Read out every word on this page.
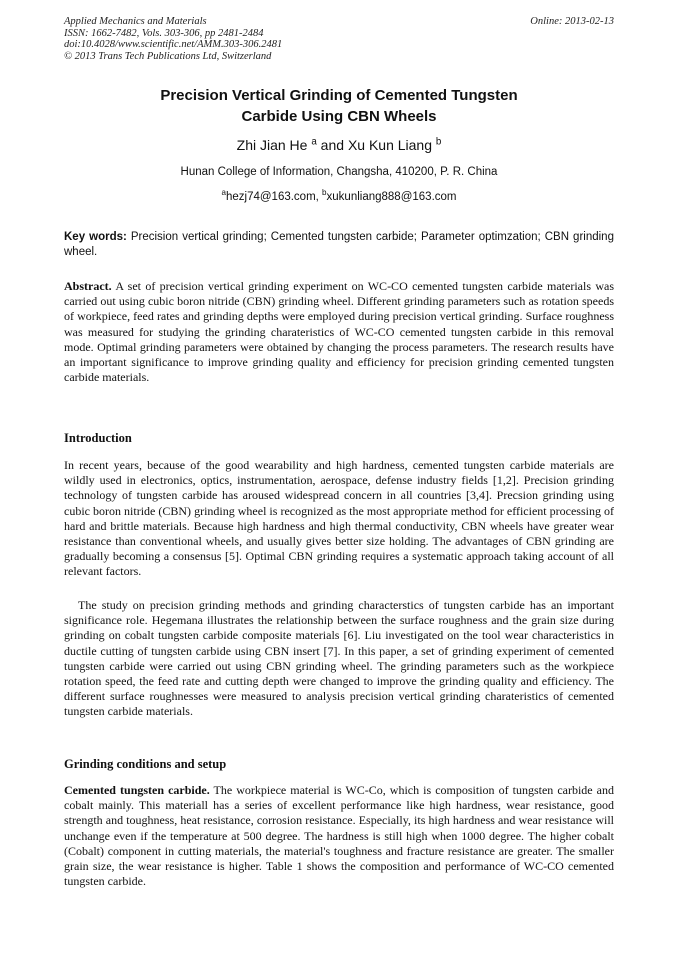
Applied Mechanics and Materials
ISSN: 1662-7482, Vols. 303-306, pp 2481-2484
doi:10.4028/www.scientific.net/AMM.303-306.2481
© 2013 Trans Tech Publications Ltd, Switzerland
Online: 2013-02-13
Precision Vertical Grinding of Cemented Tungsten
Carbide Using CBN Wheels
Zhi Jian He $^a$ and Xu Kun Liang $^b$
Hunan College of Information, Changsha, 410200, P. R. China
$^a$hezj74@163.com, $^b$xukunliang888@163.com
Key words: Precision vertical grinding; Cemented tungsten carbide; Parameter optimzation; CBN grinding wheel.
Abstract. A set of precision vertical grinding experiment on WC-CO cemented tungsten carbide materials was carried out using cubic boron nitride (CBN) grinding wheel. Different grinding parameters such as rotation speeds of workpiece, feed rates and grinding depths were employed during precision vertical grinding. Surface roughness was measured for studying the grinding charateristics of WC-CO cemented tungsten carbide in this removal mode. Optimal grinding parameters were obtained by changing the process parameters. The research results have an important significance to improve grinding quality and efficiency for precision grinding cemented tungsten carbide materials.
Introduction
In recent years, because of the good wearability and high hardness, cemented tungsten carbide materials are wildly used in electronics, optics, instrumentation, aerospace, defense industry fields [1,2]. Precision grinding technology of tungsten carbide has aroused widespread concern in all countries [3,4]. Precsion grinding using cubic boron nitride (CBN) grinding wheel is recognized as the most appropriate method for efficient processing of hard and brittle materials. Because high hardness and high thermal conductivity, CBN wheels have greater wear resistance than conventional wheels, and usually gives better size holding. The advantages of CBN grinding are gradually becoming a consensus [5]. Optimal CBN grinding requires a systematic approach taking account of all relevant factors.
The study on precision grinding methods and grinding characterstics of tungsten carbide has an important significance role. Hegemana illustrates the relationship between the surface roughness and the grain size during grinding on cobalt tungsten carbide composite materials [6]. Liu investigated on the tool wear characteristics in ductile cutting of tungsten carbide using CBN insert [7]. In this paper, a set of grinding experiment of cemented tungsten carbide were carried out using CBN grinding wheel. The grinding parameters such as the workpiece rotation speed, the feed rate and cutting depth were changed to improve the grinding quality and efficiency. The different surface roughnesses were measured to analysis precision vertical grinding charateristics of cemented tungsten carbide materials.
Grinding conditions and setup
Cemented tungsten carbide. The workpiece material is WC-Co, which is composition of tungsten carbide and cobalt mainly. This materiall has a series of excellent performance like high hardness, wear resistance, good strength and toughness, heat resistance, corrosion resistance. Especially, its high hardness and wear resistance will unchange even if the temperature at 500 degree. The hardness is still high when 1000 degree. The higher cobalt (Cobalt) component in cutting materials, the material's toughness and fracture resistance are greater. The smaller grain size, the wear resistance is higher. Table 1 shows the composition and performance of WC-CO cemented tungsten carbide.
